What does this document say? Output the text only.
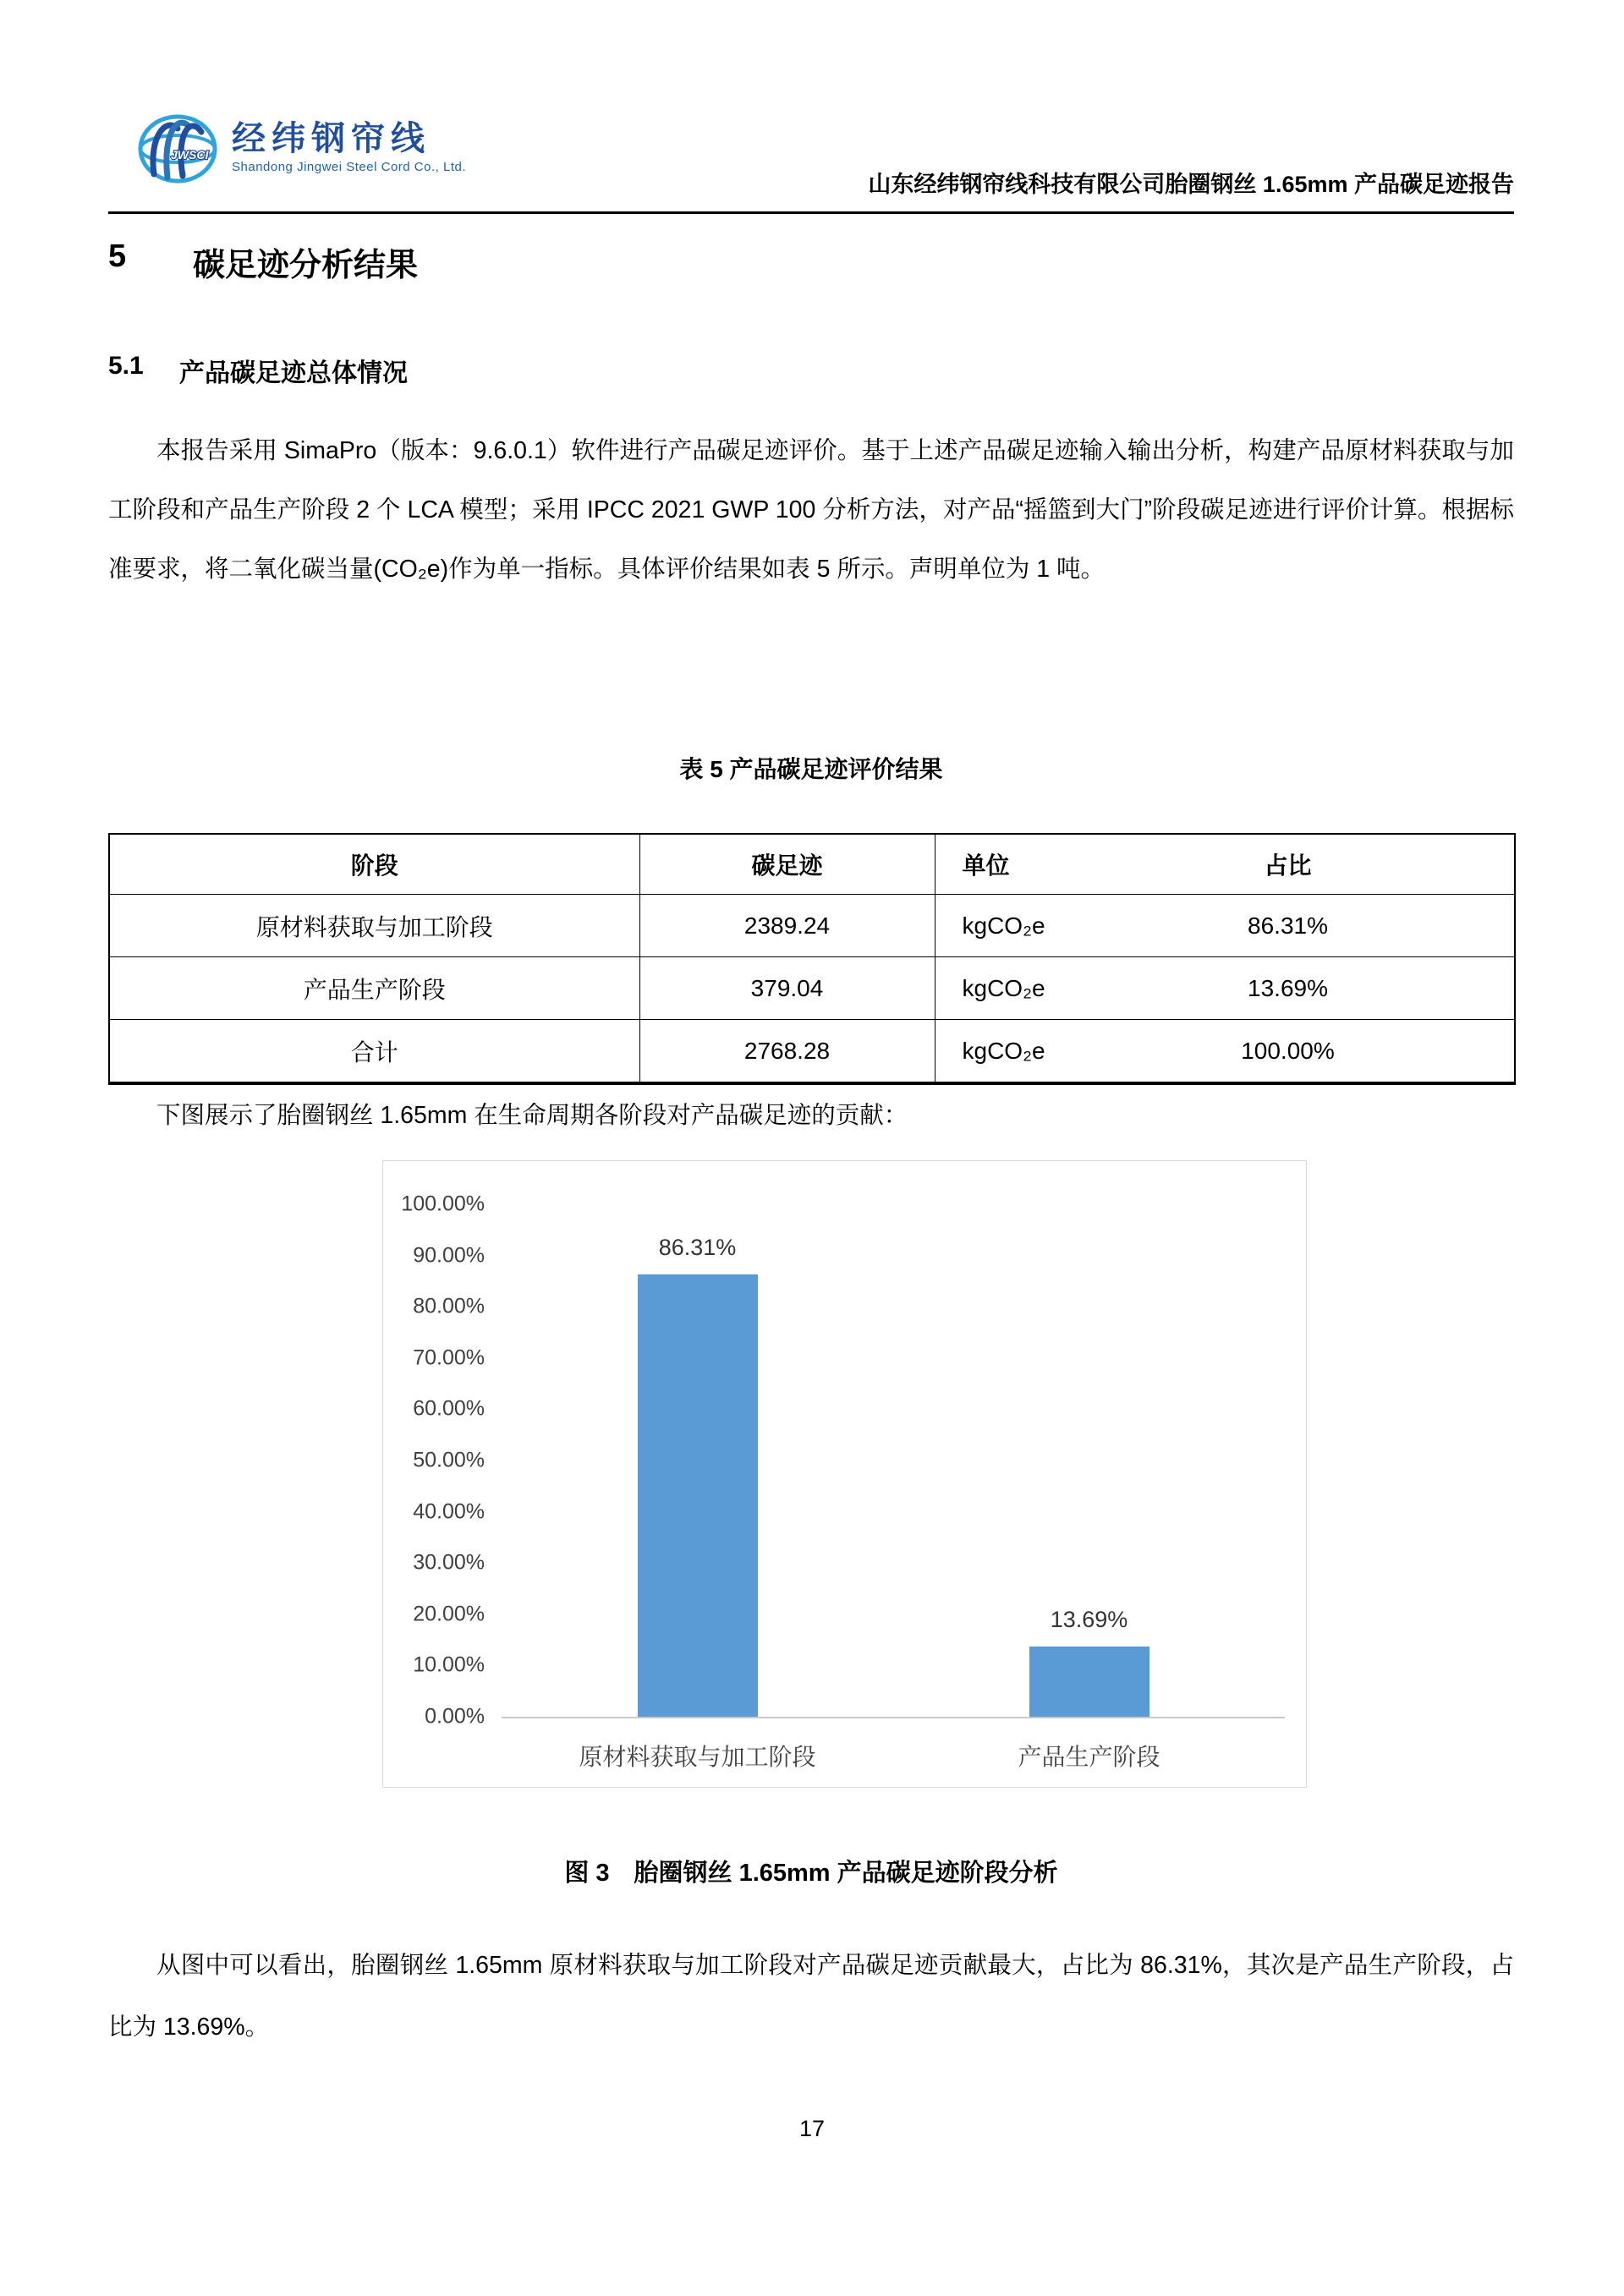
JWSCI 经纬钢帘线
Shandong Jingwei Steel Cord Co., Ltd.
山东经纬钢帘线科技有限公司胎圈钢丝 1.65mm 产品碳足迹报告
5	碳足迹分析结果
5.1	产品碳足迹总体情况

本报告采用 SimaPro（版本：9.6.0.1）软件进行产品碳足迹评价。基于上述产品碳足迹输入输出分析，构建产品原材料获取与加工阶段和产品生产阶段 2 个 LCA 模型；采用 IPCC 2021 GWP 100 分析方法，对产品“摇篮到大门”阶段碳足迹进行评价计算。根据标准要求，将二氧化碳当量(CO₂e)作为单一指标。具体评价结果如表 5 所示。声明单位为 1 吨。

表 5 产品碳足迹评价结果
阶段	碳足迹	单位	占比
原材料获取与加工阶段	2389.24	kgCO₂e	86.31%
产品生产阶段	379.04	kgCO₂e	13.69%
合计	2768.28	kgCO₂e	100.00%

下图展示了胎圈钢丝 1.65mm 在生命周期各阶段对产品碳足迹的贡献：

100.00%
90.00%
80.00%
70.00%
60.00%
50.00%
40.00%
30.00%
20.00%
10.00%
0.00%
86.31%
原材料获取与加工阶段
13.69%
产品生产阶段
图 3　胎圈钢丝 1.65mm 产品碳足迹阶段分析

从图中可以看出，胎圈钢丝 1.65mm 原材料获取与加工阶段对产品碳足迹贡献最大，占比为 86.31%，其次是产品生产阶段，占比为 13.69%。

17
